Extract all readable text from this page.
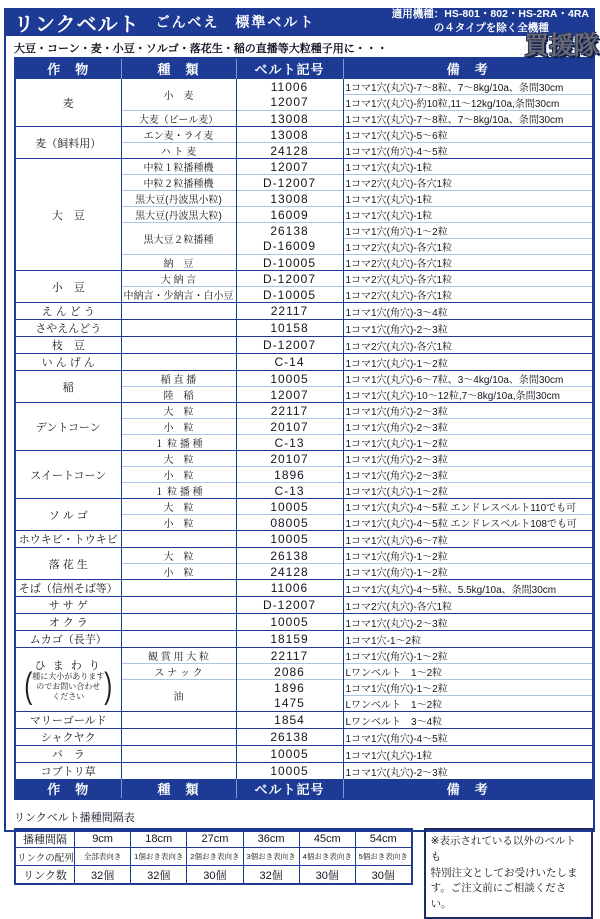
リンクベルト ごんべえ　標準ベルト	適用機種：HS-801・802・HS-2RA・4RA
の４タイプを除く全機種
大豆・コーン・麦・小豆・ソルゴ・落花生・稲の直播等大粒種子用に・・・
作　物	種　類	ベルト記号	備　考
麦	小　麦	11006	1コマ1穴(丸穴)-7～8粒、7～8kg/10a、条間30cm
		12007	1コマ1穴(丸穴)-約10粒,11～12kg/10a,条間30cm
	大麦（ビール麦）	13008	1コマ1穴(丸穴)-7～8粒、7～8kg/10a、条間30cm
麦（飼料用）	エン麦・ライ麦	13008	1コマ1穴(丸穴)-5～6粒
	ハ ト 麦	24128	1コマ1穴(角穴)-4～5粒
大　豆	中粒１粒播種機	12007	1コマ1穴(丸穴)-1粒
	中粒２粒播種機	D-12007	1コマ2穴(丸穴)-各穴1粒
	黒大豆(丹波黒小粒)	13008	1コマ1穴(丸穴)-1粒
	黒大豆(丹波黒大粒)	16009	1コマ1穴(丸穴)-1粒
	黒大豆２粒播種	26138	1コマ1穴(角穴)-1～2粒
		D-16009	1コマ2穴(丸穴)-各穴1粒
	納　豆	D-10005	1コマ2穴(丸穴)-各穴1粒
小　豆	大 納 言	D-12007	1コマ2穴(丸穴)-各穴1粒
	中納言・少納言・白小豆	D-10005	1コマ2穴(丸穴)-各穴1粒
え ん ど う		22117	1コマ1穴(角穴)-3～4粒
さやえんどう		10158	1コマ1穴(角穴)-2～3粒
枝　豆		D-12007	1コマ2穴(丸穴)-各穴1粒
い ん げ ん		C-14	1コマ1穴(丸穴)-1～2粒
稲	稲 直 播	10005	1コマ1穴(丸穴)-6～7粒、3～4kg/10a、条間30cm
	陸　稲	12007	1コマ1穴(丸穴)-10～12粒,7～8kg/10a,条間30cm
デントコーン	大　粒	22117	1コマ1穴(角穴)-2～3粒
	小　粒	20107	1コマ1穴(角穴)-2～3粒
	１ 粒 播 種	C-13	1コマ1穴(丸穴)-1～2粒
スイートコーン	大　粒	20107	1コマ1穴(角穴)-2～3粒
	小　粒	1896	1コマ1穴(角穴)-2～3粒
	１ 粒 播 種	C-13	1コマ1穴(丸穴)-1～2粒
ソ ル ゴ	大　粒	10005	1コマ1穴(丸穴)-4～5粒 エンドレスベルト110でも可
	小　粒	08005	1コマ1穴(丸穴)-4～5粒 エンドレスベルト108でも可
ホウキビ・トウキビ		10005	1コマ1穴(丸穴)-6～7粒
落 花 生	大　粒	26138	1コマ1穴(角穴)-1～2粒
	小　粒	24128	1コマ1穴(角穴)-1～2粒
そば（信州そば等）		11006	1コマ1穴(丸穴)-4～5粒、5.5kg/10a、条間30cm
サ サ ゲ		D-12007	1コマ2穴(丸穴)-各穴1粒
オ ク ラ		10005	1コマ1穴(丸穴)-2～3粒
ムカゴ（長芋）		18159	1コマ1穴-1～2粒

ひ ま わ り
( 種に大小があります
のでお問い合わせ
ください )
	観 賞 用 大 粒	22117	1コマ1穴(角穴)-1～2粒
	ス ナ ッ ク	2086	Lワンベルト　1～2粒
	油	1896	1コマ1穴(角穴)-1～2粒
		1475	Lワンベルト　1～2粒
マリーゴールド		1854	Lワンベルト　3～4粒
シャクヤク		26138	1コマ1穴(角穴)-4～5粒
バ　ラ		10005	1コマ1穴(丸穴)-1粒
コブトリ草		10005	1コマ1穴(丸穴)-2～3粒
作　物	種　類	ベルト記号	備　考
リンクベルト播種間隔表
播種間隔	9cm	18cm	27cm	36cm	45cm	54cm
リンクの配列	全部表向き	1個おき表向き	2個おき表向き	3個おき表向き	4個おき表向き	5個おき表向き
リンク数	32個	32個	30個	32個	30個	30個
※表示されている以外のベルトも
特別注文としてお受けいたしま
す。ご注文前にご相談ください。
買援隊
